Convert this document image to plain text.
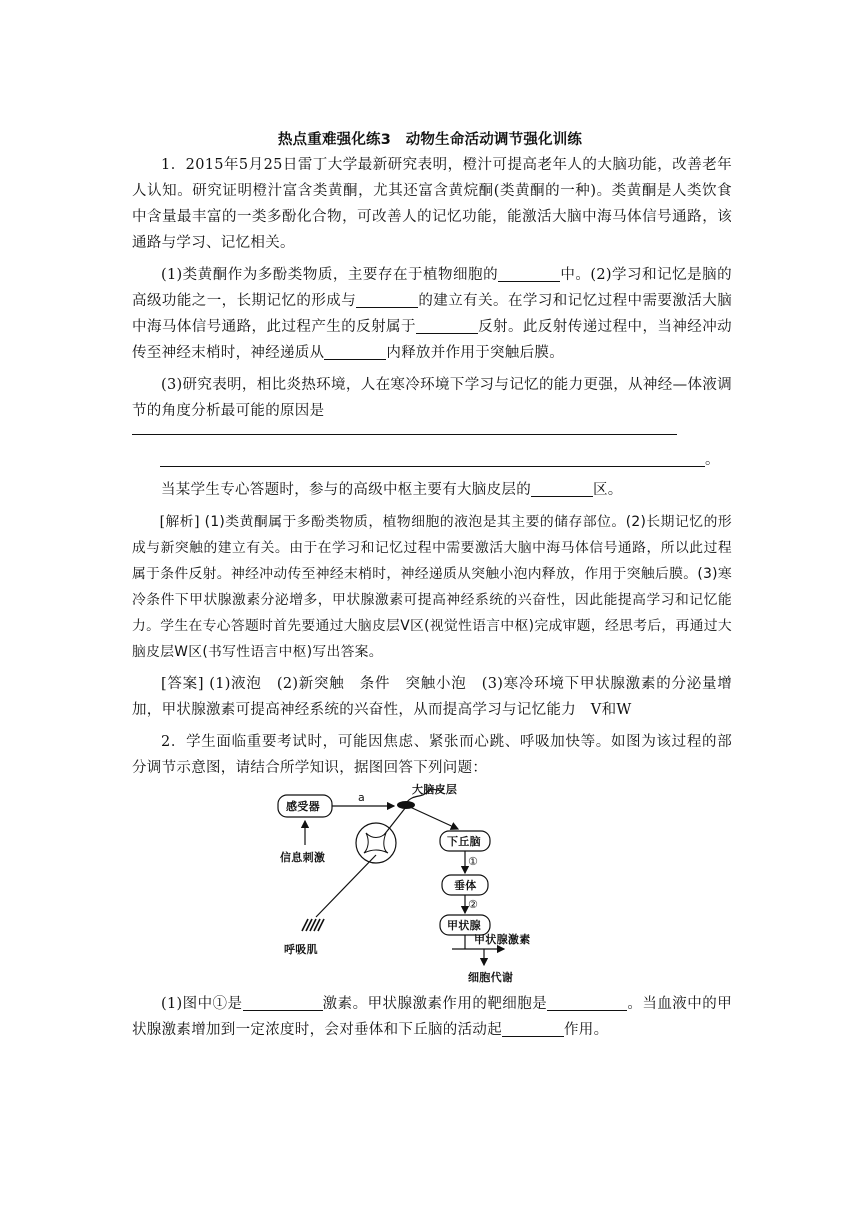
热点重难强化练3　动物生命活动调节强化训练

1．2015年5月25日雷丁大学最新研究表明，橙汁可提高老年人的大脑功能，改善老年人认知。研究证明橙汁富含类黄酮，尤其还富含黄烷酮(类黄酮的一种)。类黄酮是人类饮食中含量最丰富的一类多酚化合物，可改善人的记忆功能，能激活大脑中海马体信号通路，该通路与学习、记忆相关。

(1)类黄酮作为多酚类物质，主要存在于植物细胞的	中。(2)学习和记忆是脑的高级功能之一，长期记忆的形成与	的建立有关。在学习和记忆过程中需要激活大脑中海马体信号通路，此过程产生的反射属于	反射。此反射传递过程中，当神经冲动传至神经末梢时，神经递质从	内释放并作用于突触后膜。

(3)研究表明，相比炎热环境，人在寒冷环境下学习与记忆的能力更强，从神经—体液调节的角度分析最可能的原因是

。

当某学生专心答题时，参与的高级中枢主要有大脑皮层的	区。

[解析] (1)类黄酮属于多酚类物质，植物细胞的液泡是其主要的储存部位。(2)长期记忆的形成与新突触的建立有关。由于在学习和记忆过程中需要激活大脑中海马体信号通路，所以此过程属于条件反射。神经冲动传至神经末梢时，神经递质从突触小泡内释放，作用于突触后膜。(3)寒冷条件下甲状腺激素分泌增多，甲状腺激素可提高神经系统的兴奋性，因此能提高学习和记忆能力。学生在专心答题时首先要通过大脑皮层V区(视觉性语言中枢)完成审题，经思考后，再通过大脑皮层W区(书写性语言中枢)写出答案。

[答案] (1)液泡　(2)新突触　条件　突触小泡　(3)寒冷环境下甲状腺激素的分泌量增加，甲状腺激素可提高神经系统的兴奋性，从而提高学习与记忆能力　V和W

2．学生面临重要考试时，可能因焦虑、紧张而心跳、呼吸加快等。如图为该过程的部分调节示意图，请结合所学知识，据图回答下列问题：

大脑皮层
感受器
a
信息刺激
呼吸肌
下丘脑
①
垂体
②
甲状腺
甲状腺激素
细胞代谢

(1)图中①是	激素。甲状腺激素作用的靶细胞是	。当血液中的甲状腺激素增加到一定浓度时，会对垂体和下丘脑的活动起	作用。
